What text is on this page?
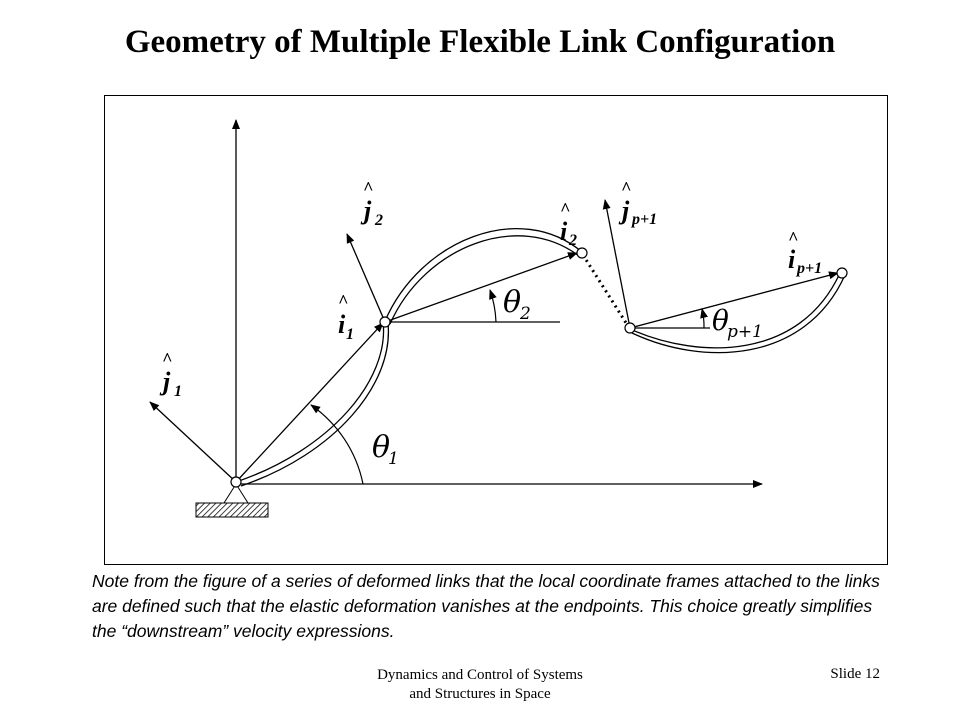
Geometry of Multiple Flexible Link Configuration
^
j 1
^
i 1
^
j 2
^
i 2
^
j p+1
^
i p+1
θ
1
θ
2	θ
p+1

Note from the figure of a series of deformed links that the local coordinate frames attached to the links are defined such that the elastic deformation vanishes at the endpoints. This choice greatly simplifies the “downstream” velocity expressions.

Dynamics and Control of Systems
and Structures in Space
Slide 12
